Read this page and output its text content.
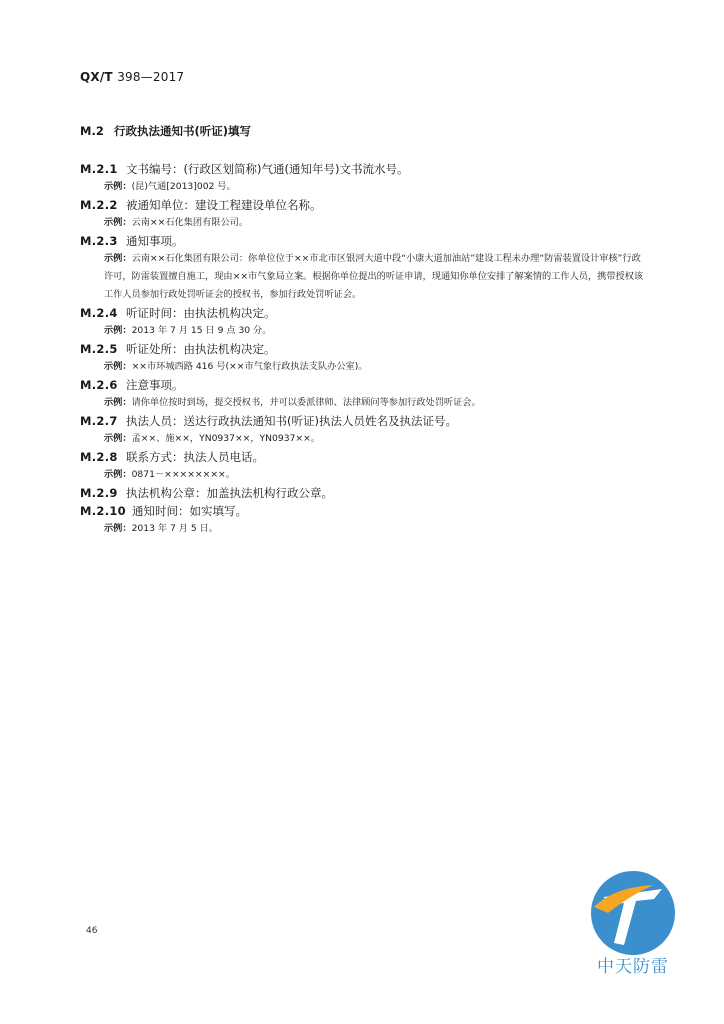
QX/T 398—2017
M.2 行政执法通知书(听证)填写
M.2.1 文书编号：(行政区划简称)气通(通知年号)文书流水号。
示例：(昆)气通[2013]002 号。
M.2.2 被通知单位：建设工程建设单位名称。
示例：云南××石化集团有限公司。
M.2.3 通知事项。
示例：云南××石化集团有限公司：你单位位于××市北市区银河大道中段“小康大道加油站”建设工程未办理“防雷装置设计审核”行政许可，防雷装置擅自施工，现由××市气象局立案。根据你单位提出的听证申请，现通知你单位安排了解案情的工作人员，携带授权该工作人员参加行政处罚听证会的授权书，参加行政处罚听证会。
M.2.4 听证时间：由执法机构决定。
示例：2013 年 7 月 15 日 9 点 30 分。
M.2.5 听证处所：由执法机构决定。
示例：××市环城西路 416 号(××市气象行政执法支队办公室)。
M.2.6 注意事项。
示例：请你单位按时到场，提交授权书，并可以委派律师、法律顾问等参加行政处罚听证会。
M.2.7 执法人员：送达行政执法通知书(听证)执法人员姓名及执法证号。
示例：孟××、施××，YN0937××，YN0937××。
M.2.8 联系方式：执法人员电话。
示例：0871－××××××××。
M.2.9 执法机构公章：加盖执法机构行政公章。
M.2.10 通知时间：如实填写。
示例：2013 年 7 月 5 日。
46
中天防雷
